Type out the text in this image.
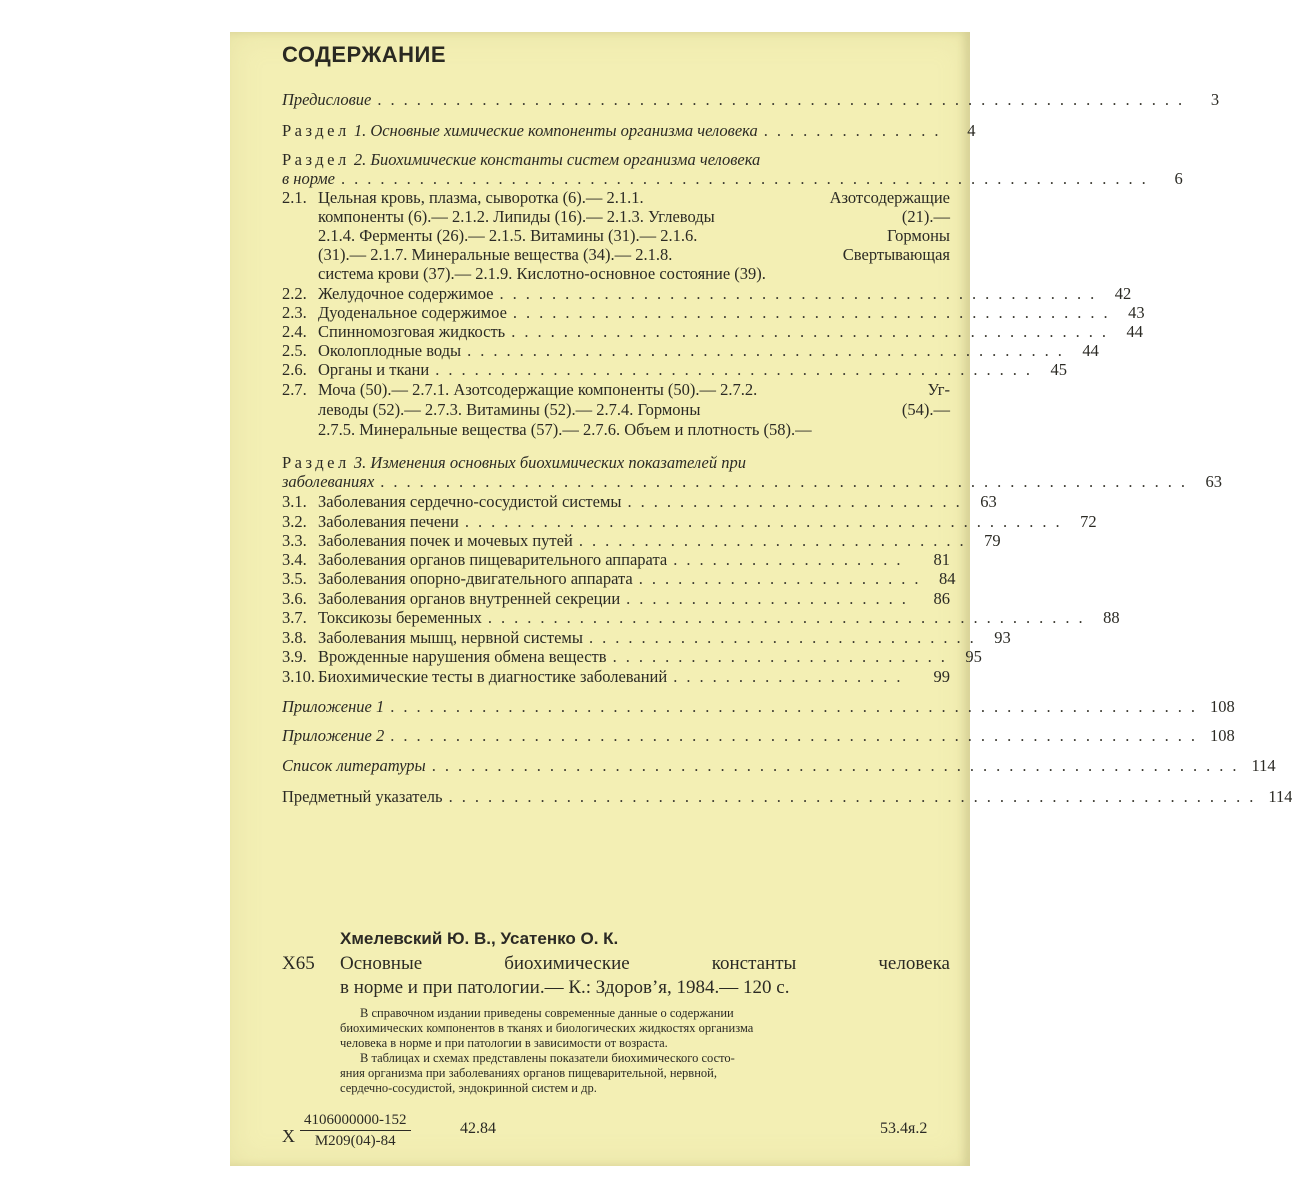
СОДЕРЖАНИЕ
Предисловие ..............................................................	3
Раздел 1. Основные химические компоненты организма человека ..............	4
Раздел 2. Биохимические константы систем организма человека
в норме ..............................................................	6
2.1. Цельная кровь, плазма, сыворотка (6).— 2.1.1.	Азотсодержащие
компоненты (6).— 2.1.2. Липиды (16).— 2.1.3. Углеводы	(21).—
2.1.4. Ферменты (26).— 2.1.5. Витамины (31).— 2.1.6.	Гормоны
(31).— 2.1.7. Минеральные вещества (34).— 2.1.8.	Свертывающая
система крови (37).— 2.1.9. Кислотно-основное состояние (39).
2.2. Желудочное содержимое .............................................. 42
2.3. Дуоденальное содержимое .............................................. 43
2.4. Спинномозговая жидкость .............................................. 44
2.5. Околоплодные воды .............................................. 44
2.6. Органы и ткани .............................................. 45
2.7. Моча (50).— 2.7.1. Азотсодержащие компоненты (50).— 2.7.2.	Уг-
леводы (52).— 2.7.3. Витамины (52).— 2.7.4. Гормоны	(54).—
2.7.5. Минеральные вещества (57).— 2.7.6. Объем и плотность (58).—
Раздел 3. Изменения основных биохимических показателей при
заболеваниях .............................................................. 63
3.1. Заболевания сердечно-сосудистой системы .......................... 63
3.2. Заболевания печени .............................................. 72
3.3. Заболевания почек и мочевых путей .............................. 79
3.4. Заболевания органов пищеварительного аппарата ..................	81
3.5. Заболевания опорно-двигательного аппарата ...................... 84
3.6. Заболевания органов внутренней секреции ......................	86
3.7. Токсикозы беременных .............................................. 88
3.8. Заболевания мышц, нервной системы .............................. 93
3.9. Врожденные нарушения обмена веществ .......................... 95
3.10. Биохимические тесты в диагностике заболеваний ..................	99
Приложение 1 .............................................................. 108
Приложение 2 .............................................................. 108
Список литературы .............................................................. 114
Предметный указатель .............................................................. 114
Хмелевский Ю. В., Усатенко О. К.
Х65 Основные	биохимические	константы	человека
в норме и при патологии.— К.: Здоров’я, 1984.— 120 с.
В справочном издании приведены современные данные о содержании
биохимических компонентов в тканях и биологических жидкостях организма
человека в норме и при патологии в зависимости от возраста.
В таблицах и схемах представлены показатели биохимического состо-
яния организма при заболеваниях органов пищеварительной, нервной,
сердечно-сосудистой, эндокринной систем и др.
Х
4106000000-152
М209(04)-84
42.84	53.4я.2
